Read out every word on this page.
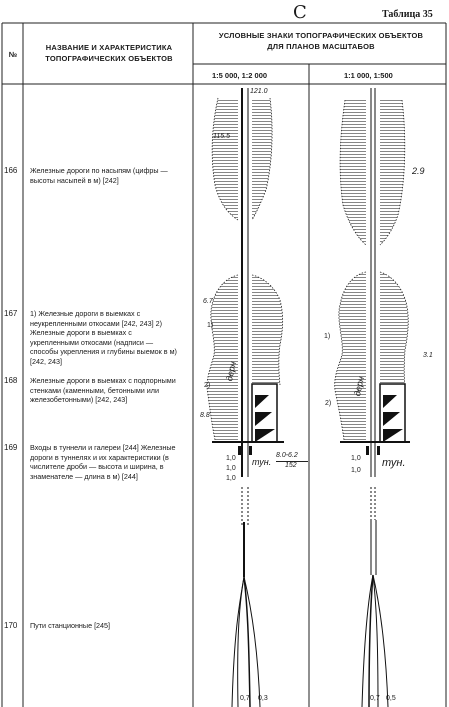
C	Таблица 35
№
НАЗВАНИЕ И ХАРАКТЕРИСТИКА ТОПОГРАФИЧЕСКИХ ОБЪЕКТОВ
УСЛОВНЫЕ ЗНАКИ ТОПОГРАФИЧЕСКИХ ОБЪЕКТОВ ДЛЯ ПЛАНОВ МАСШТАБОВ
1:5 000, 1:2 000	1:1 000, 1:500
166 Железные дороги по насыпям (цифры — высоты насыпей в м) [242]
167 1) Железные дороги в выемках с неукрепленными откосами [242, 243] 2) Железные дороги в выемках с укрепленными откосами (надписи — способы укрепления и глубины выемок в м) [242, 243]
168 Железные дороги в выемках с подпорными стенками (каменными, бетонными или железобетонными) [242, 243]
169 Входы в туннели и галереи [244] Железные дороги в туннелях и их характеристики (в числителе дроби — высота и ширина, в знаменателе — длина в м) [244]
170 Пути станционные [245]
121.0
115.5
2.9
6.7
3.1
8.8
1)
2)
1)
2)
дерн
дерн
1,0
1,0
1,0
1,0
1,0
тун.
8.0-6.2
152	тун.
0,7 0,3	0,7 0,5
